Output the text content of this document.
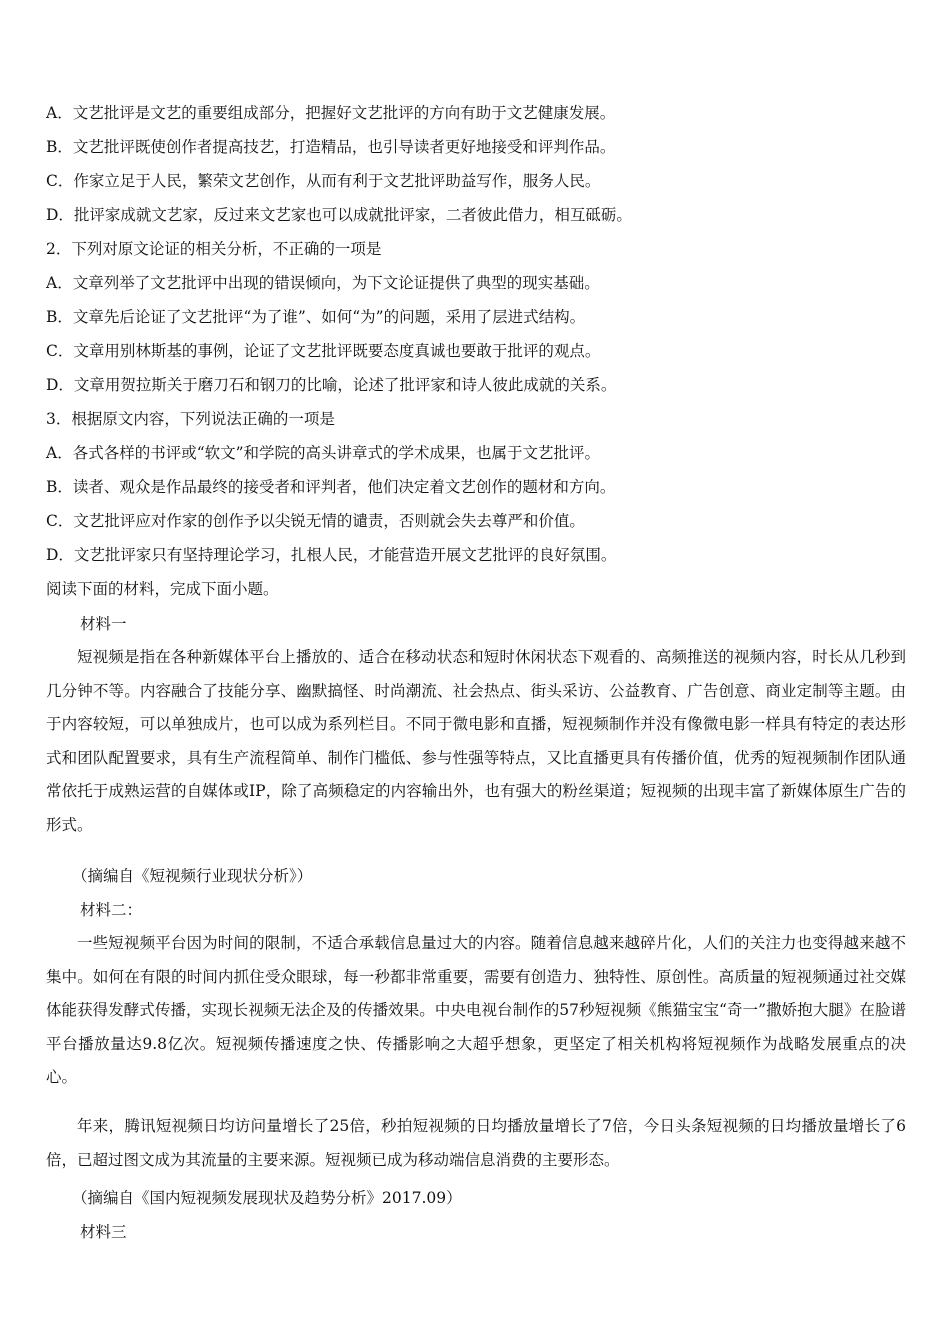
A．文艺批评是文艺的重要组成部分，把握好文艺批评的方向有助于文艺健康发展。
B．文艺批评既使创作者提高技艺，打造精品，也引导读者更好地接受和评判作品。
C．作家立足于人民，繁荣文艺创作，从而有利于文艺批评助益写作，服务人民。
D．批评家成就文艺家，反过来文艺家也可以成就批评家，二者彼此借力，相互砥砺。
2．下列对原文论证的相关分析，不正确的一项是
A．文章列举了文艺批评中出现的错误倾向，为下文论证提供了典型的现实基础。
B．文章先后论证了文艺批评“为了谁”、如何“为”的问题，采用了层进式结构。
C．文章用别林斯基的事例，论证了文艺批评既要态度真诚也要敢于批评的观点。
D．文章用贺拉斯关于磨刀石和钢刀的比喻，论述了批评家和诗人彼此成就的关系。
3．根据原文内容，下列说法正确的一项是
A．各式各样的书评或“软文”和学院的高头讲章式的学术成果，也属于文艺批评。
B．读者、观众是作品最终的接受者和评判者，他们决定着文艺创作的题材和方向。
C．文艺批评应对作家的创作予以尖锐无情的谴责，否则就会失去尊严和价值。
D．文艺批评家只有坚持理论学习，扎根人民，才能营造开展文艺批评的良好氛围。
阅读下面的材料，完成下面小题。
材料一
短视频是指在各种新媒体平台上播放的、适合在移动状态和短时休闲状态下观看的、高频推送的视频内容，时长从几秒到几分钟不等。内容融合了技能分享、幽默搞怪、时尚潮流、社会热点、街头采访、公益教育、广告创意、商业定制等主题。由于内容较短，可以单独成片，也可以成为系列栏目。不同于微电影和直播，短视频制作并没有像微电影一样具有特定的表达形式和团队配置要求，具有生产流程简单、制作门槛低、参与性强等特点，又比直播更具有传播价值，优秀的短视频制作团队通常依托于成熟运营的自媒体或IP，除了高频稳定的内容输出外，也有强大的粉丝渠道；短视频的出现丰富了新媒体原生广告的形式。
（摘编自《短视频行业现状分析》）
材料二：
一些短视频平台因为时间的限制，不适合承载信息量过大的内容。随着信息越来越碎片化，人们的关注力也变得越来越不集中。如何在有限的时间内抓住受众眼球，每一秒都非常重要，需要有创造力、独特性、原创性。高质量的短视频通过社交媒体能获得发酵式传播，实现长视频无法企及的传播效果。中央电视台制作的57秒短视频《熊猫宝宝“奇一”撒娇抱大腿》在脸谱平台播放量达9.8亿次。短视频传播速度之快、传播影响之大超乎想象，更坚定了相关机构将短视频作为战略发展重点的决心。
年来，腾讯短视频日均访问量增长了25倍，秒拍短视频的日均播放量增长了7倍，今日头条短视频的日均播放量增长了6倍，已超过图文成为其流量的主要来源。短视频已成为移动端信息消费的主要形态。
（摘编自《国内短视频发展现状及趋势分析》2017.09）
材料三
